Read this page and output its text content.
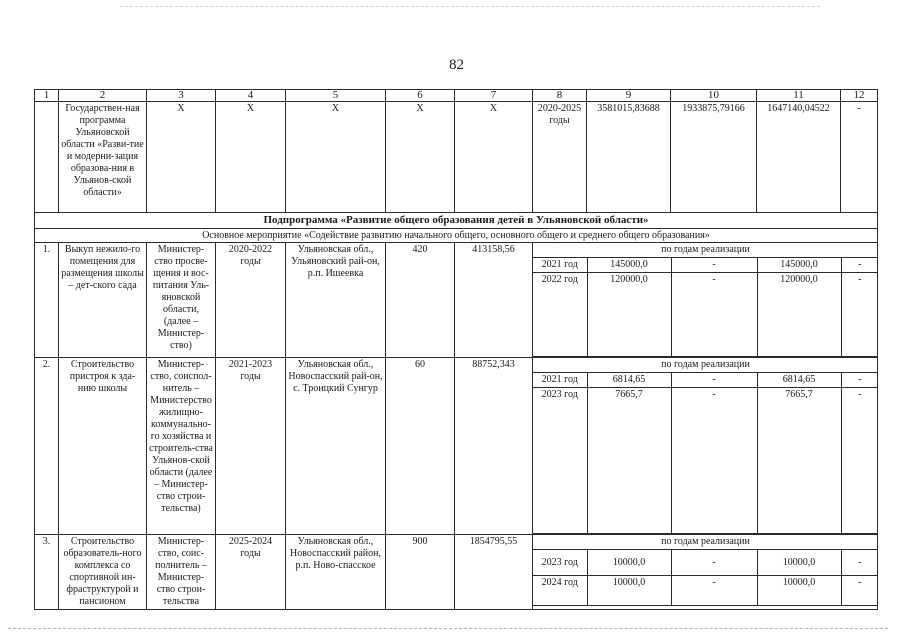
82
1	2	3	4	5	6	7	8	9	10	11	12
	Государствен-ная программа Ульяновской области «Разви-тие и модерни-зация образова-ния в Ульянов-ской области»	Х	Х	Х	Х	Х	2020-2025 годы	3581015,83688	1933875,79166	1647140,04522	-
Подпрограмма «Развитие общего образования детей в Ульяновской области»
Основное мероприятие «Содействие развитию начального общего, основного общего и среднего общего образования»
1.	Выкуп нежило-го помещения для размещения школы – дет-ского сада	Министер-ство просве-щения и вос-питания Уль-яновской области, (далее – Министер-ство)	2020-2022 годы	Ульяновская обл., Ульяновский рай-он, р.п. Ишеевка	420	413158,56		по годам реализации
2021 год	145000,0	-	145000,0	-
2022 год	120000,0	-	120000,0	-

2.	Строительство пристроя к зда-нию школы	Министер-ство, соиспол-нитель – Министерство жилищно-коммунально-го хозяйства и строитель-ства Ульянов-ской области (далее – Министер-ство строи-тельства)	2021-2023 годы	Ульяновская обл., Новоспасский рай-он, с. Троицкий Сунгур	60	88752,343		по годам реализации
2021 год	6814,65	-	6814,65	-
2023 год	7665,7	-	7665,7	-

3.	Строительство образователь-ного комплекса со спортивной ин-фраструктурой и пансионом	Министер-ство, соис-полнитель – Министер-ство строи-тельства	2025-2024 годы	Ульяновская обл., Новоспасский район, р.п. Ново-спасское	900	1854795,55		по годам реализации
2023 год	10000,0	-	10000,0	-
2024 год	10000,0	-	10000,0	-
